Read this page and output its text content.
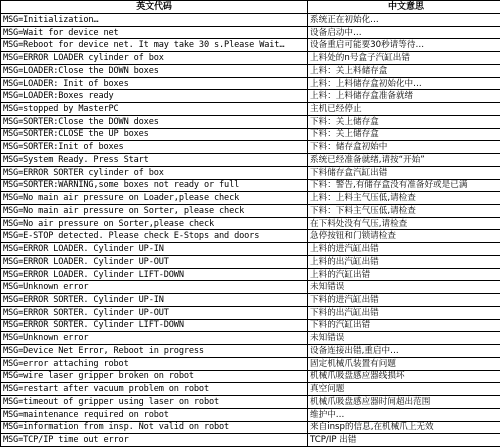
英文代码	中文意思
MSG=Initialization…	系统正在初始化…
MSG=Wait for device net	设备启动中…
MSG=Reboot for device net. It may take 30 s.Please Wait…	设备重启可能要30秒请等待…
MSG=ERROR LOADER cylinder of box	上料处的n号盒子汽缸出错
MSG=LOADER:Close the DOWN boxes	上料：关上料储存盒
MSG=LOADER: Init of boxes	上料：上料储存盒初始化中…
MSG=LOADER:Boxes ready	上料：上料储存盒准备就绪
MSG=stopped by MasterPC	主机已经停止
MSG=SORTER:Close the DOWN doxes	下料：关上储存盒
MSG=SORTER:CLOSE the UP boxes	下料：关上储存盒
MSG=SORTER:Init of boxes	下料：储存盒初始中
MSG=System Ready. Press Start	系统已经准备就绪,请按“开始”
MSG=ERROR SORTER cylinder of box	下料储存盒汽缸出错
MSG=SORTER:WARNING,some boxes not ready or full	下料：警告,有储存盒没有准备好或是已满
MSG=No main air pressure on Loader,please check	上料：上料主气压低,请检查
MSG=No main air pressure on Sorter, please check	下料：下料主气压低,请检查
MSG=No air pressure on Sorter,please check	在下料处没有气压,请检查
MSG=E-STOP detected. Please check E-Stops and doors	急停按钮和门锁请检查
MSG=ERROR LOADER. Cylinder UP-IN	上料的进汽缸出错
MSG=ERROR LOADER. Cylinder UP-OUT	上料的出汽缸出错
MSG=ERROR LOADER. Cylinder LIFT-DOWN	上料的汽缸出错
MSG=Unknown error	未知错误
MSG=ERROR SORTER. Cylinder UP-IN	下料的进汽缸出错
MSG=ERROR SORTER. Cylinder UP-OUT	下料的出汽缸出错
MSG=ERROR SORTER. Cylinder LIFT-DOWN	下料的汽缸出错
MSG=Unknown error	未知错误
MSG=Device Net Error, Reboot in progress	设备连接出错,重启中…
MSG=error attaching robot	固定机械爪装置有问题
MSG=wire laser gripper broken on robot	机械爪吸盘感应器线损坏
MSG=restart after vacuum problem on robot	真空问题
MSG=timeout of gripper using laser on robot	机械爪吸盘感应器时间超出范围
MSG=maintenance required on robot	维护中…
MSG=information from insp. Not valid on robot	来自insp的信息,在机械爪上无效
MSG=TCP/IP time out error	TCP/IP 出错
